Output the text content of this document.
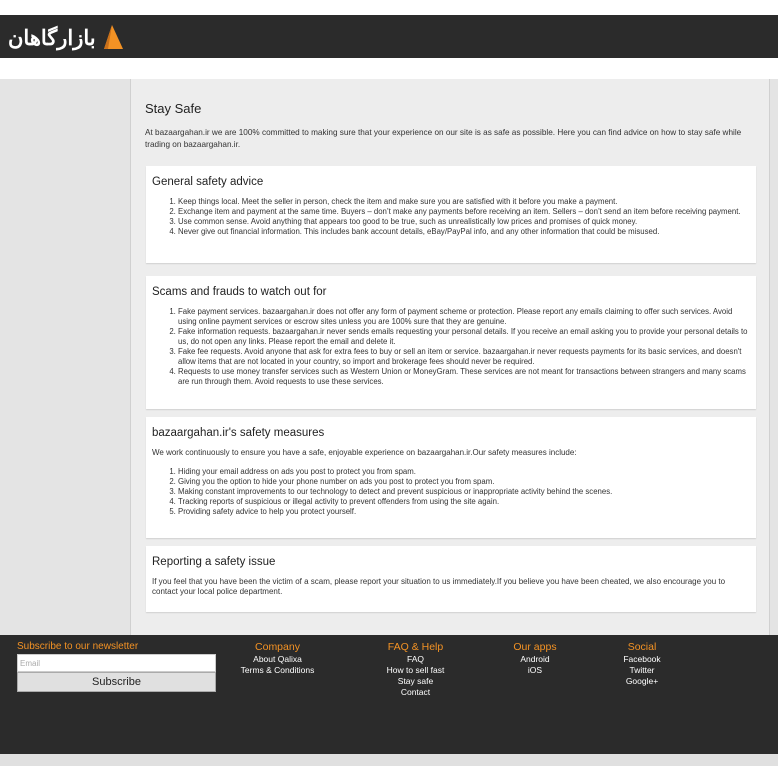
بازارگاهان
Stay Safe
At bazaargahan.ir we are 100% committed to making sure that your experience on our site is as safe as possible. Here you can find advice on how to stay safe while trading on bazaargahan.ir.
General safety advice
1. Keep things local. Meet the seller in person, check the item and make sure you are satisfied with it before you make a payment.
2. Exchange item and payment at the same time. Buyers – don’t make any payments before receiving an item. Sellers – don’t send an item before receiving payment.
3. Use common sense. Avoid anything that appears too good to be true, such as unrealistically low prices and promises of quick money.
4. Never give out financial information. This includes bank account details, eBay/PayPal info, and any other information that could be misused.
Scams and frauds to watch out for
1. Fake payment services. bazaargahan.ir does not offer any form of payment scheme or protection. Please report any emails claiming to offer such services. Avoid using online payment services or escrow sites unless you are 100% sure that they are genuine.
2. Fake information requests. bazaargahan.ir never sends emails requesting your personal details. If you receive an email asking you to provide your personal details to us, do not open any links. Please report the email and delete it.
3. Fake fee requests. Avoid anyone that ask for extra fees to buy or sell an item or service. bazaargahan.ir never requests payments for its basic services, and doesn't allow items that are not located in your country, so import and brokerage fees should never be required.
4. Requests to use money transfer services such as Western Union or MoneyGram. These services are not meant for transactions between strangers and many scams are run through them. Avoid requests to use these services.
bazaargahan.ir's safety measures

We work continuously to ensure you have a safe, enjoyable experience on bazaargahan.ir.Our safety measures include:

1. Hiding your email address on ads you post to protect you from spam.
2. Giving you the option to hide your phone number on ads you post to protect you from spam.
3. Making constant improvements to our technology to detect and prevent suspicious or inappropriate activity behind the scenes.
4. Tracking reports of suspicious or illegal activity to prevent offenders from using the site again.
5. Providing safety advice to help you protect yourself.
Reporting a safety issue

If you feel that you have been the victim of a scam, please report your situation to us immediately.If you believe you have been cheated, we also encourage you to contact your local police department.

Subscribe to our newsletter
Email
Subscribe
Company
About Qalixa
Terms & Conditions
FAQ & Help
FAQ
How to sell fast
Stay safe
Contact
Our apps
Android
iOS
Social
Facebook
Twitter
Google+
